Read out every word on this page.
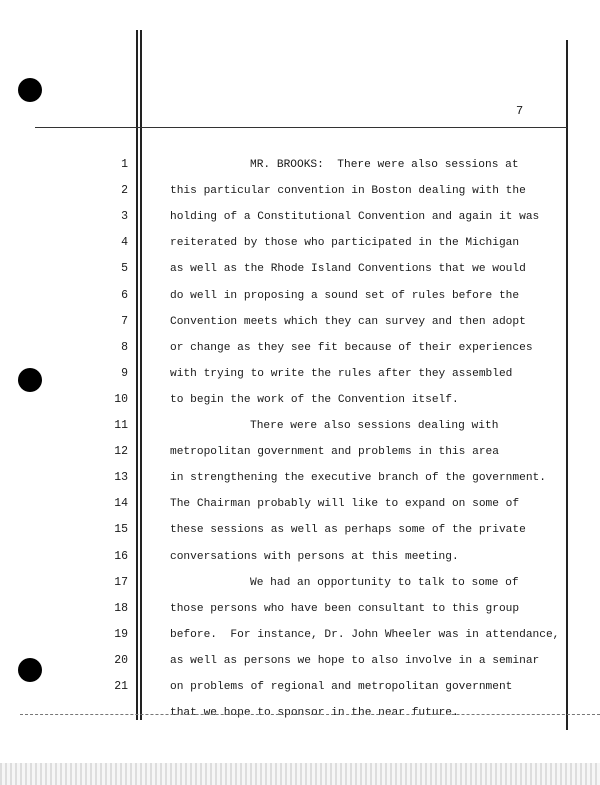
7
1	MR. BROOKS:  There were also sessions at
2	this particular convention in Boston dealing with the
3	holding of a Constitutional Convention and again it was
4	reiterated by those who participated in the Michigan
5	as well as the Rhode Island Conventions that we would
6	do well in proposing a sound set of rules before the
7	Convention meets which they can survey and then adopt
8	or change as they see fit because of their experiences
9	with trying to write the rules after they assembled
10	to begin the work of the Convention itself.
11	There were also sessions dealing with
12	metropolitan government and problems in this area
13	in strengthening the executive branch of the government.
14	The Chairman probably will like to expand on some of
15	these sessions as well as perhaps some of the private
16	conversations with persons at this meeting.
17	We had an opportunity to talk to some of
18	those persons who have been consultant to this group
19	before.  For instance, Dr. John Wheeler was in attendance,
20	as well as persons we hope to also involve in a seminar
21	on problems of regional and metropolitan government
that we hope to sponsor in the near future.
